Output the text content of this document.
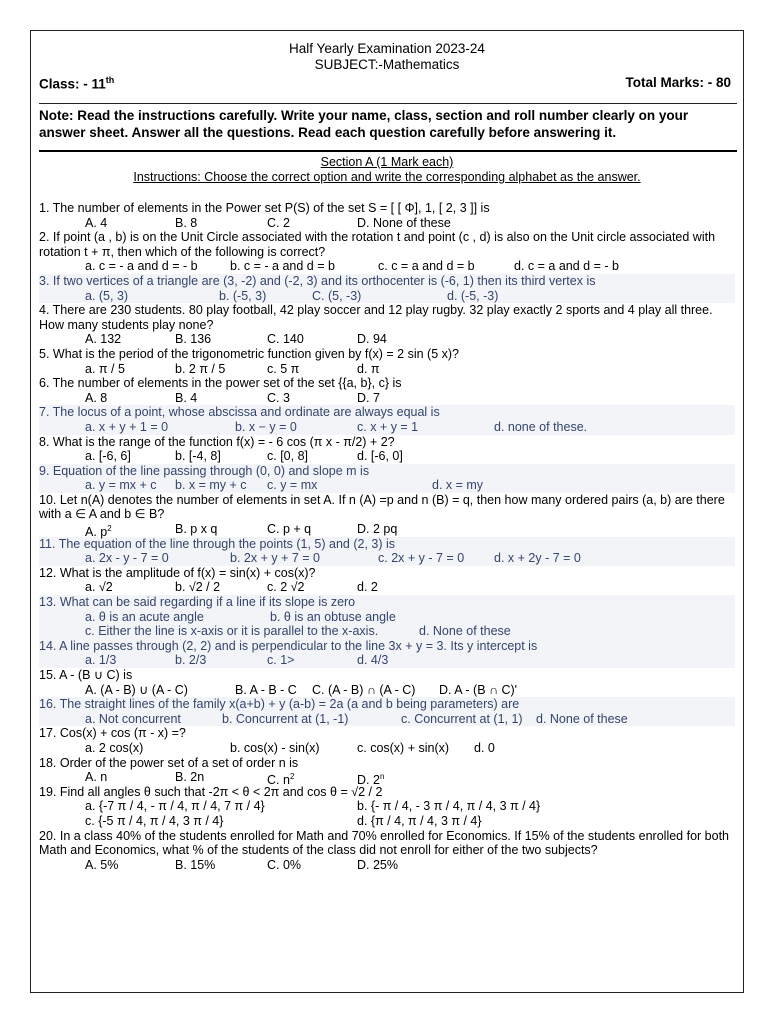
Half Yearly Examination 2023-24
SUBJECT:-Mathematics
Class: - 11th	Total Marks: - 80
Note: Read the instructions carefully. Write your name, class, section and roll number clearly on your answer sheet. Answer all the questions. Read each question carefully before answering it.
Section A (1 Mark each)
Instructions: Choose the correct option and write the corresponding alphabet as the answer.
1. The number of elements in the Power set P(S) of the set S = [ [ Φ], 1, [ 2, 3 ]] is
A. 4	B. 8	C. 2	D. None of these
2. If point (a , b) is on the Unit Circle associated with the rotation t and point (c , d) is also on the Unit circle associated with rotation t + π, then which of the following is correct?
a. c = - a and d = - b	b. c = - a and d = b	c. c = a and d = b	d. c = a and d = - b
3. If two vertices of a triangle are (3, -2) and (-2, 3) and its orthocenter is (-6, 1) then its third vertex is
a. (5, 3)	b. (-5, 3)	C. (5, -3)	d. (-5, -3)
4. There are 230 students. 80 play football, 42 play soccer and 12 play rugby. 32 play exactly 2 sports and 4 play all three. How many students play none?
A. 132	B. 136	C. 140	D. 94
5. What is the period of the trigonometric function given by f(x) = 2 sin (5 x)?
a. π / 5	b. 2 π / 5	c. 5 π	d. π
6. The number of elements in the power set of the set {{a, b}, c} is
A. 8	B. 4	C. 3	D. 7
7. The locus of a point, whose abscissa and ordinate are always equal is
a. x + y + 1 = 0	b. x − y = 0	c. x + y = 1	d. none of these.
8. What is the range of the function f(x) = - 6 cos (π x - π/2) + 2?
a. [-6, 6]	b. [-4, 8]	c. [0, 8]	d. [-6, 0]
9. Equation of the line passing through (0, 0) and slope m is
a. y = mx + c b. x = my + c c. y = mx	d. x = my
10. Let n(A) denotes the number of elements in set A. If n (A) =p and n (B) = q, then how many ordered pairs (a, b) are there with a ∈ A and b ∈ B?
A. $p^2$	B. p x q	C. p + q	D. 2 pq
11. The equation of the line through the points (1, 5) and (2, 3) is
a. 2x - y - 7 = 0	b. 2x + y + 7 = 0	c. 2x + y - 7 = 0 d. x + 2y - 7 = 0
12. What is the amplitude of f(x) = sin(x) + cos(x)?
a. √2	b. √2 / 2	c. 2 √2	d. 2
13. What can be said regarding if a line if its slope is zero
a. θ is an acute angle	b. θ is an obtuse angle
c. Either the line is x-axis or it is parallel to the x-axis.	d. None of these
14. A line passes through (2, 2) and is perpendicular to the line 3x + y = 3. Its y intercept is
a. 1/3	b. 2/3	c. 1>	d. 4/3
15. A - (B ∪ C) is
A. (A - B) ∪ (A - C)	B. A - B - C C. (A - B) ∩ (A - C) D. A - (B ∩ C)'
16. The straight lines of the family x(a+b) + y (a-b) = 2a (a and b being parameters) are
a. Not concurrent	b. Concurrent at (1, -1)	c. Concurrent at (1, 1) d. None of these
17. Cos(x) + cos (π - x) =?
a. 2 cos(x)	b. cos(x) - sin(x)	c. cos(x) + sin(x) d. 0
18. Order of the power set of a set of order n is
A. n	B. 2n	C. $n^2$	D. 2$^n$
19. Find all angles θ such that -2π < θ < 2π and cos θ = √2 / 2
a. {-7 π / 4, - π / 4, π / 4, 7 π / 4}	b. {- π / 4, - 3 π / 4, π / 4, 3 π / 4}
c. {-5 π / 4, π / 4, 3 π / 4}	d. {π / 4, π / 4, 3 π / 4}
20. In a class 40% of the students enrolled for Math and 70% enrolled for Economics. If 15% of the students enrolled for both Math and Economics, what % of the students of the class did not enroll for either of the two subjects?
A. 5%	B. 15%	C. 0%	D. 25%
